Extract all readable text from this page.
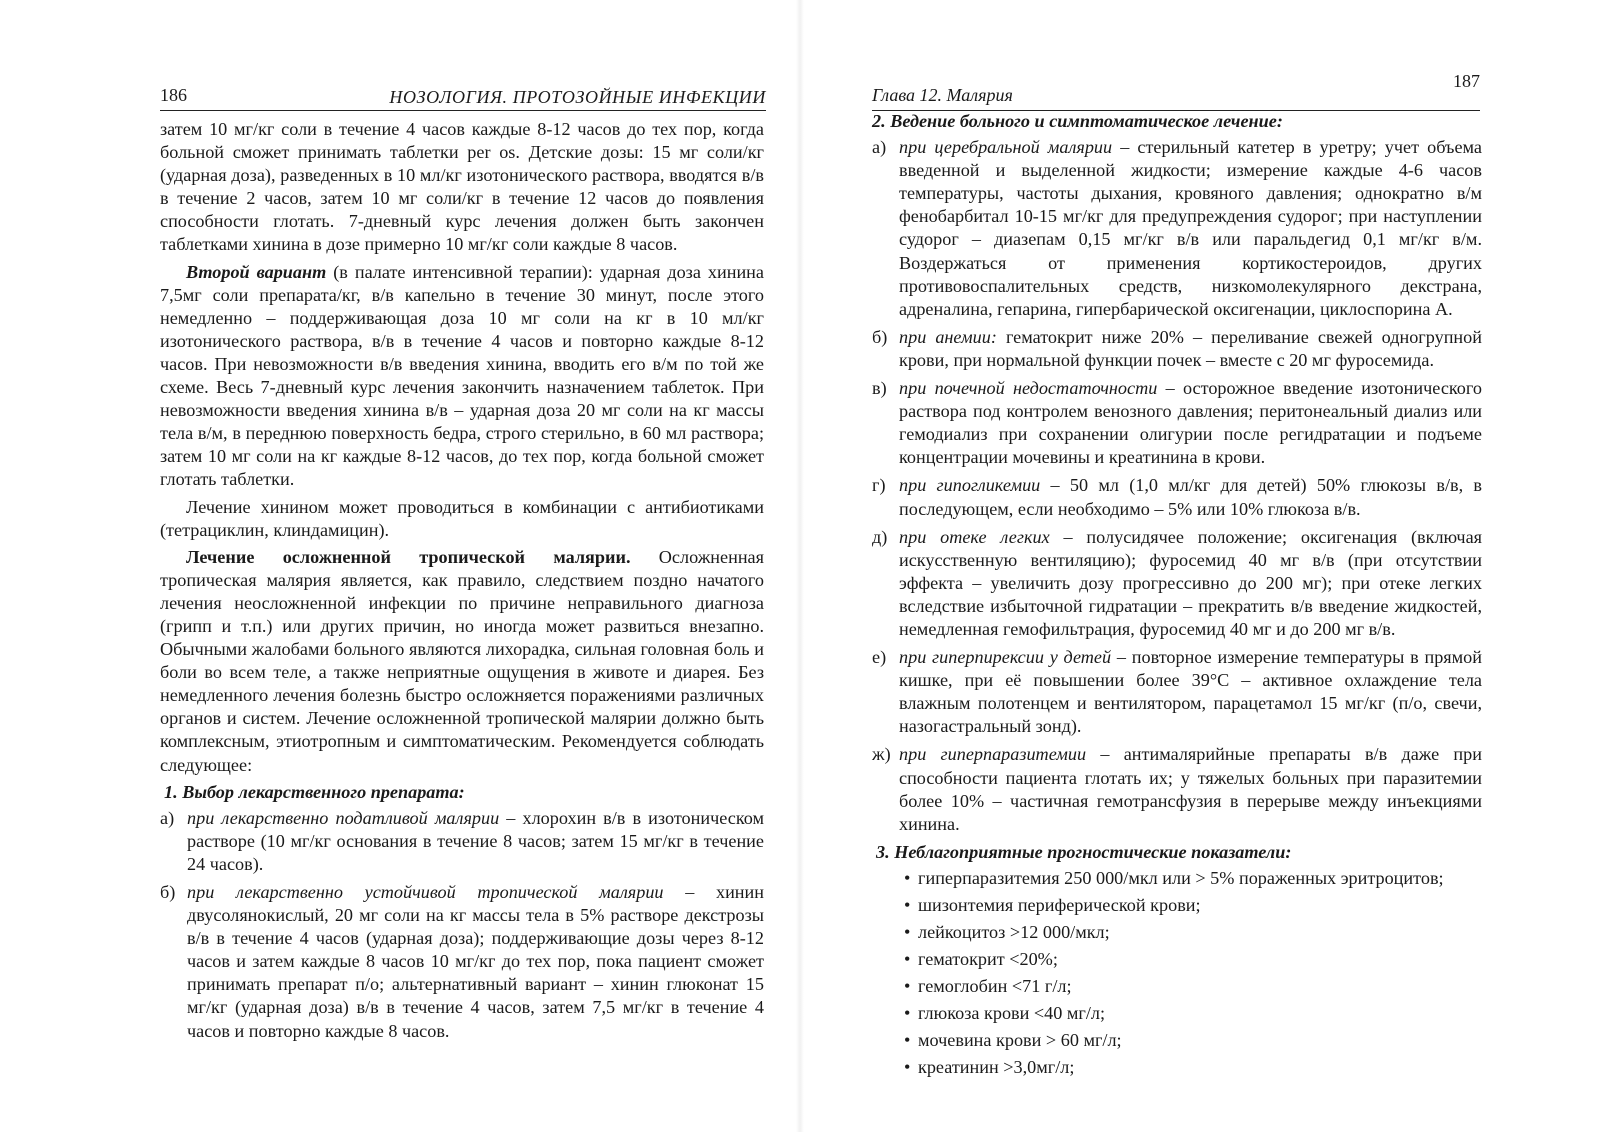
186	НОЗОЛОГИЯ. ПРОТОЗОЙНЫЕ ИНФЕКЦИИ

затем 10 мг/кг соли в течение 4 часов каждые 8-12 часов до тех пор, когда больной сможет принимать таблетки per os. Детские дозы: 15 мг соли/кг (ударная доза), разведенных в 10 мл/кг изотонического раствора, вводятся в/в в течение 2 часов, затем 10 мг соли/кг в течение 12 часов до появления способности глотать. 7-дневный курс лечения должен быть закончен таблетками хинина в дозе примерно 10 мг/кг соли каждые 8 часов.

Второй вариант (в палате интенсивной терапии): ударная доза хинина 7,5мг соли препарата/кг, в/в капельно в течение 30 минут, после этого немедленно – поддерживающая доза 10 мг соли на кг в 10 мл/кг изотонического раствора, в/в в течение 4 часов и повторно каждые 8-12 часов. При невозможности в/в введения хинина, вводить его в/м по той же схеме. Весь 7-дневный курс лечения закончить назначением таблеток. При невозможности введения хинина в/в – ударная доза 20 мг соли на кг массы тела в/м, в переднюю поверхность бедра, строго стерильно, в 60 мл раствора; затем 10 мг соли на кг каждые 8-12 часов, до тех пор, когда больной сможет глотать таблетки.

Лечение хинином может проводиться в комбинации с антибиотиками (тетрациклин, клиндамицин).

Лечение осложненной тропической малярии. Осложненная тропическая малярия является, как правило, следствием поздно начатого лечения неосложненной инфекции по причине неправильного диагноза (грипп и т.п.) или других причин, но иногда может развиться внезапно. Обычными жалобами больного являются лихорадка, сильная головная боль и боли во всем теле, а также неприятные ощущения в животе и диарея. Без немедленного лечения болезнь быстро осложняется поражениями различных органов и систем. Лечение осложненной тропической малярии должно быть комплексным, этиотропным и симптоматическим. Рекомендуется соблюдать следующее:

1. Выбор лекарственного препарата:
а) при лекарственно податливой малярии – хлорохин в/в в изотоническом растворе (10 мг/кг основания в течение 8 часов; затем 15 мг/кг в течение 24 часов).
б) при лекарственно устойчивой тропической малярии – хинин двусолянокислый, 20 мг соли на кг массы тела в 5% растворе декстрозы в/в в течение 4 часов (ударная доза); поддерживающие дозы через 8-12 часов и затем каждые 8 часов 10 мг/кг до тех пор, пока пациент сможет принимать препарат п/о; альтернативный вариант – хинин глюконат 15 мг/кг (ударная доза) в/в в течение 4 часов, затем 7,5 мг/кг в течение 4 часов и повторно каждые 8 часов.
Глава 12. Малярия
187
2. Ведение больного и симптоматическое лечение:
а) при церебральной малярии – стерильный катетер в уретру; учет объема введенной и выделенной жидкости; измерение каждые 4-6 часов температуры, частоты дыхания, кровяного давления; однократно в/м фенобарбитал 10-15 мг/кг для предупреждения судорог; при наступлении судорог – диазепам 0,15 мг/кг в/в или паральдегид 0,1 мг/кг в/м. Воздержаться от применения кортикостероидов, других противовоспалительных средств, низкомолекулярного декстрана, адреналина, гепарина, гипербарической оксигенации, циклоспорина А.
б) при анемии: гематокрит ниже 20% – переливание свежей одногрупной крови, при нормальной функции почек – вместе с 20 мг фуросемида.
в) при почечной недостаточности – осторожное введение изотонического раствора под контролем венозного давления; перитонеальный диализ или гемодиализ при сохранении олигурии после регидратации и подъеме концентрации мочевины и креатинина в крови.
г) при гипогликемии – 50 мл (1,0 мл/кг для детей) 50% глюкозы в/в, в последующем, если необходимо – 5% или 10% глюкоза в/в.
д) при отеке легких – полусидячее положение; оксигенация (включая искусственную вентиляцию); фуросемид 40 мг в/в (при отсутствии эффекта – увеличить дозу прогрессивно до 200 мг); при отеке легких вследствие избыточной гидратации – прекратить в/в введение жидкостей, немедленная гемофильтрация, фуросемид 40 мг и до 200 мг в/в.
е) при гиперпирексии у детей – повторное измерение температуры в прямой кишке, при её повышении более 39°С – активное охлаждение тела влажным полотенцем и вентилятором, парацетамол 15 мг/кг (п/о, свечи, назогастральный зонд).
ж) при гиперпаразитемии – антималярийные препараты в/в даже при способности пациента глотать их; у тяжелых больных при паразитемии более 10% – частичная гемотрансфузия в перерыве между инъекциями хинина.
3. Неблагоприятные прогностические показатели:
• гиперпаразитемия 250 000/мкл или > 5% пораженных эритроцитов;
• шизонтемия периферической крови;
• лейкоцитоз >12 000/мкл;
• гематокрит <20%;
• гемоглобин <71 г/л;
• глюкоза крови <40 мг/л;
• мочевина крови > 60 мг/л;
• креатинин >3,0мг/л;
